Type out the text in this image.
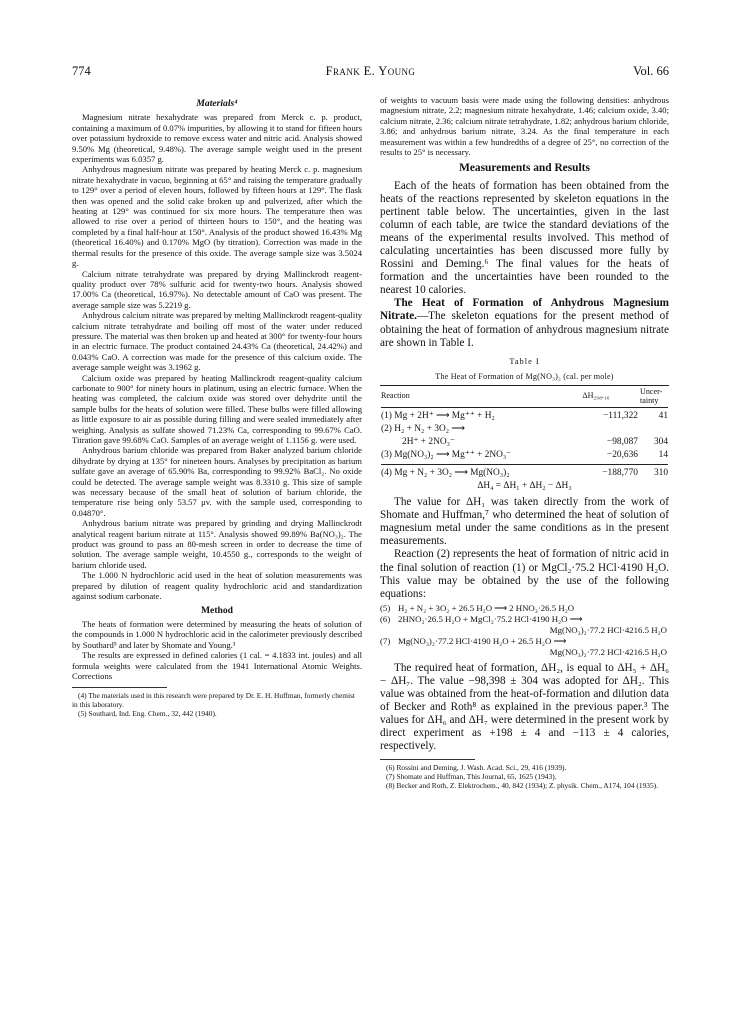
774	Frank E. Young	Vol. 66
Materials⁴

Magnesium nitrate hexahydrate was prepared from Merck c. p. product, containing a maximum of 0.07% impurities, by allowing it to stand for fifteen hours over potassium hydroxide to remove excess water and nitric acid. Analysis showed 9.50% Mg (theoretical, 9.48%). The average sample weight used in the present experiments was 6.0357 g.

Anhydrous magnesium nitrate was prepared by heating Merck c. p. magnesium nitrate hexahydrate in vacuo, beginning at 65° and raising the temperature gradually to 129° over a period of eleven hours, followed by fifteen hours at 129°. The flask then was opened and the solid cake broken up and pulverized, after which the heating at 129° was continued for six more hours. The temperature then was allowed to rise over a period of thirteen hours to 150°, and the heating was completed by a final half-hour at 150°. Analysis of the product showed 16.43% Mg (theoretical 16.40%) and 0.170% MgO (by titration). Correction was made in the thermal results for the presence of this oxide. The average sample size was 3.5024 g.

Calcium nitrate tetrahydrate was prepared by drying Mallinckrodt reagent-quality product over 78% sulfuric acid for twenty-two hours. Analysis showed 17.00% Ca (theoretical, 16.97%). No detectable amount of CaO was present. The average sample size was 5.2219 g.

Anhydrous calcium nitrate was prepared by melting Mallinckrodt reagent-quality calcium nitrate tetrahydrate and boiling off most of the water under reduced pressure. The material was then broken up and heated at 300° for twenty-four hours in an electric furnace. The product contained 24.43% Ca (theoretical, 24.42%) and 0.043% CaO. A correction was made for the presence of this calcium oxide. The average sample weight was 3.1962 g.

Calcium oxide was prepared by heating Mallinckrodt reagent-quality calcium carbonate to 900° for ninety hours in platinum, using an electric furnace. When the heating was completed, the calcium oxide was stored over dehydrite until the sample bulbs for the heats of solution were filled. These bulbs were filled allowing as little exposure to air as possible during filling and were sealed immediately after weighing. Analysis as sulfate showed 71.23% Ca, corresponding to 99.67% CaO. Titration gave 99.68% CaO. Samples of an average weight of 1.1156 g. were used.

Anhydrous barium chloride was prepared from Baker analyzed barium chloride dihydrate by drying at 135° for nineteen hours. Analyses by precipitation as barium sulfate gave an average of 65.90% Ba, corresponding to 99.92% BaCl₂. No oxide could be detected. The average sample weight was 8.3310 g. This size of sample was necessary because of the small heat of solution of barium chloride, the temperature rise being only 53.57 μv. with the sample used, corresponding to 0.04870°.

Anhydrous barium nitrate was prepared by grinding and drying Mallinckrodt analytical reagent barium nitrate at 115°. Analysis showed 99.89% Ba(NO₃)₂. The product was ground to pass an 80-mesh screen in order to decrease the time of solution. The average sample weight, 10.4550 g., corresponds to the weight of barium chloride used.

The 1.000 N hydrochloric acid used in the heat of solution measurements was prepared by dilution of reagent quality hydrochloric acid and standardization against sodium carbonate.

Method

The heats of formation were determined by measuring the heats of solution of the compounds in 1.000 N hydrochloric acid in the calorimeter previously described by Southard⁵ and later by Shomate and Young.³

The results are expressed in defined calories (1 cal. = 4.1833 int. joules) and all formula weights were calculated from the 1941 International Atomic Weights. Corrections

(4) The materials used in this research were prepared by Dr. E. H. Huffman, formerly chemist in this laboratory.

(5) Southard, Ind. Eng. Chem., 32, 442 (1940).

of weights to vacuum basis were made using the following densities: anhydrous magnesium nitrate, 2.2; magnesium nitrate hexahydrate, 1.46; calcium oxide, 3.40; calcium nitrate, 2.36; calcium nitrate tetrahydrate, 1.82; anhydrous barium chloride, 3.86; and anhydrous barium nitrate, 3.24. As the final temperature in each measurement was within a few hundredths of a degree of 25°, no correction of the results to 25° is necessary.

Measurements and Results

Each of the heats of formation has been obtained from the heats of the reactions represented by skeleton equations in the pertinent table below. The uncertainties, given in the last column of each table, are twice the standard deviations of the means of the experimental results involved. This method of calculating uncertainties has been discussed more fully by Rossini and Deming.⁶ The final values for the heats of formation and the uncertainties have been rounded to the nearest 10 calories.

The Heat of Formation of Anhydrous Magnesium Nitrate.—The skeleton equations for the present method of obtaining the heat of formation of anhydrous magnesium nitrate are shown in Table I.

Table I
The Heat of Formation of Mg(NO₃)₂ (cal. per mole)
Reaction	ΔH₂₉₈.₁₆	Uncer-tainty

(1) Mg + 2H⁺ ⟶ Mg⁺⁺ + H₂	−111,322	41
(2) H₂ + N₂ + 3O₂ ⟶		
2H⁺ + 2NO₃⁻	−98,087	304
(3) Mg(NO₃)₂ ⟶ Mg⁺⁺ + 2NO₃⁻	−20,636	14

(4) Mg + N₂ + 3O₂ ⟶ Mg(NO₃)₂	−188,770	310
ΔH₄ = ΔH₁ + ΔH₂ − ΔH₃

The value for ΔH₁ was taken directly from the work of Shomate and Huffman,⁷ who determined the heat of solution of magnesium metal under the same conditions as in the present measurements.

Reaction (2) represents the heat of formation of nitric acid in the final solution of reaction (1) or MgCl₂·75.2 HCl·4190 H₂O. This value may be obtained by the use of the following equations:

(5) H₂ + N₂ + 3O₂ + 26.5 H₂O ⟶ 2 HNO₃·26.5 H₂O
(6) 2HNO₃·26.5 H₂O + MgCl₂·75.2 HCl·4190 H₂O ⟶
Mg(NO₃)₂·77.2 HCl·4216.5 H₂O
(7) Mg(NO₃)₂·77.2 HCl·4190 H₂O + 26.5 H₂O ⟶
Mg(NO₃)₂·77.2 HCl·4216.5 H₂O

The required heat of formation, ΔH₂, is equal to ΔH₅ + ΔH₆ − ΔH₇. The value −98,398 ± 304 was adopted for ΔH₂. This value was obtained from the heat-of-formation and dilution data of Becker and Roth⁸ as explained in the previous paper.³ The values for ΔH₆ and ΔH₇ were determined in the present work by direct experiment as +198 ± 4 and −113 ± 4 calories, respectively.

(6) Rossini and Deming, J. Wash. Acad. Sci., 29, 416 (1939).

(7) Shomate and Huffman, This Journal, 65, 1625 (1943).

(8) Becker and Roth, Z. Elektrochem., 40, 842 (1934); Z. physik. Chem., A174, 104 (1935).
